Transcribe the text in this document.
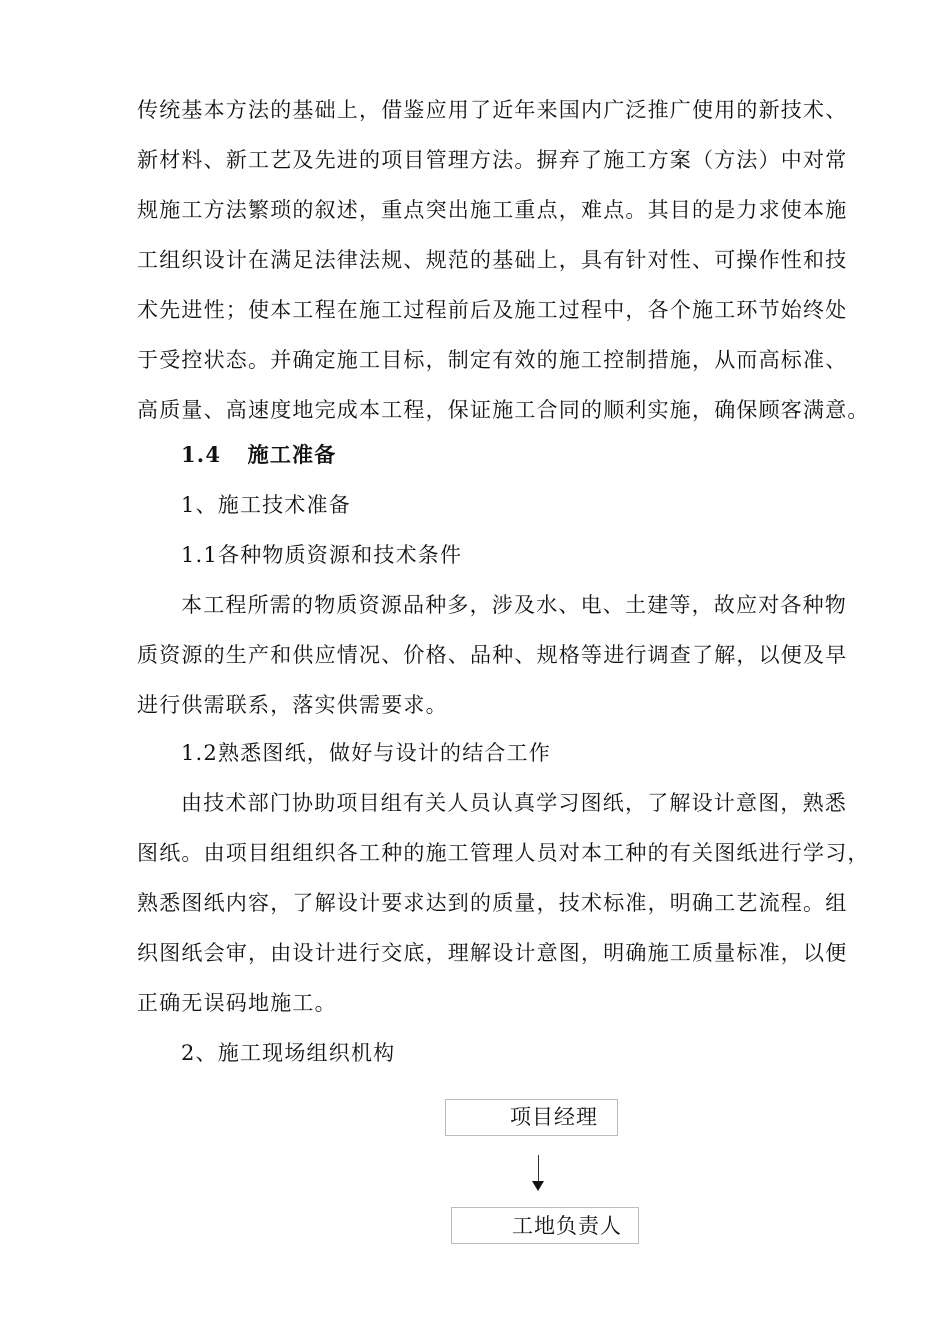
传统基本方法的基础上，借鉴应用了近年来国内广泛推广使用的新技术、
新材料、新工艺及先进的项目管理方法。摒弃了施工方案（方法）中对常
规施工方法繁琐的叙述，重点突出施工重点，难点。其目的是力求使本施
工组织设计在满足法律法规、规范的基础上，具有针对性、可操作性和技
术先进性；使本工程在施工过程前后及施工过程中，各个施工环节始终处
于受控状态。并确定施工目标，制定有效的施工控制措施，从而高标准、
高质量、高速度地完成本工程，保证施工合同的顺利实施，确保顾客满意。
1.4 施工准备
1、施工技术准备
1.1各种物质资源和技术条件
本工程所需的物质资源品种多，涉及水、电、土建等，故应对各种物
质资源的生产和供应情况、价格、品种、规格等进行调查了解，以便及早
进行供需联系，落实供需要求。
1.2熟悉图纸，做好与设计的结合工作
由技术部门协助项目组有关人员认真学习图纸，了解设计意图，熟悉
图纸。由项目组组织各工种的施工管理人员对本工种的有关图纸进行学习，
熟悉图纸内容，了解设计要求达到的质量，技术标准，明确工艺流程。组
织图纸会审，由设计进行交底，理解设计意图，明确施工质量标准，以便
正确无误码地施工。
2、施工现场组织机构
项目经理
工地负责人
